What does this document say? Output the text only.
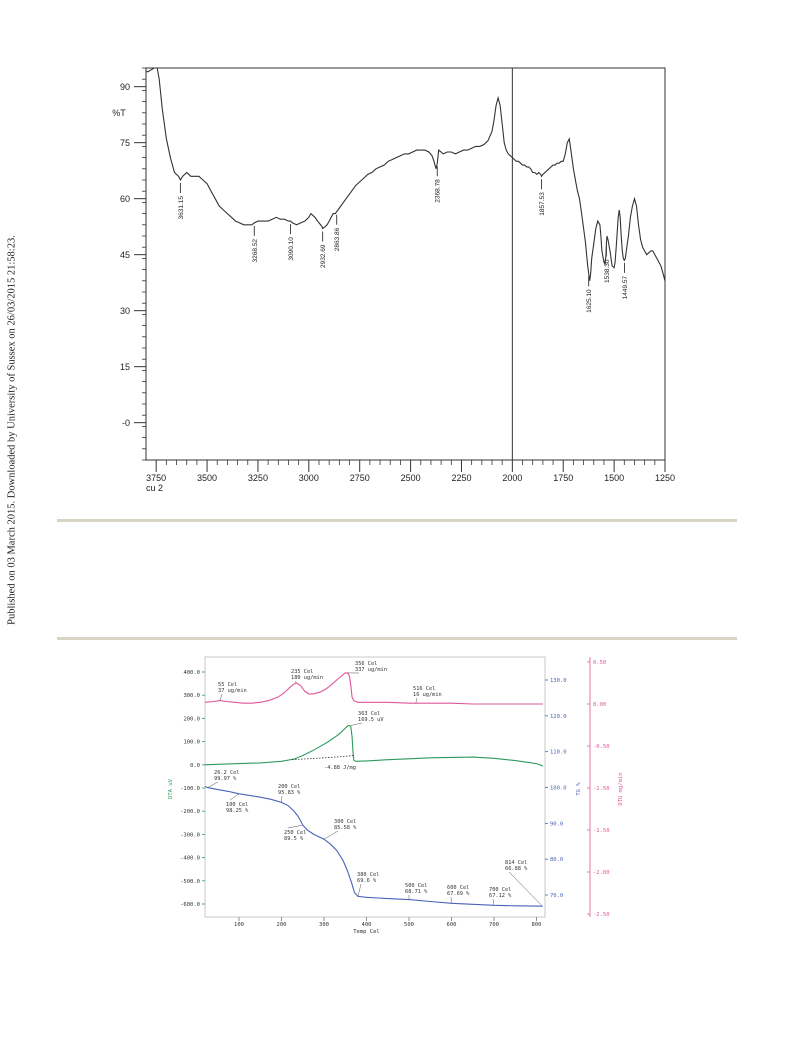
Published on 03 March 2015. Downloaded by University of Sussex on 26/03/2015 21:58:23.
90
75
60
45
30
15
-0
%T
3750	3500	3250	3000	2750	2500	2250	2000	1750	1500	1250
cu 2
3631.15
3268.52	3090.10	2932.69
2863.86
2368.78
1857.53
1625.10
1538.30
1449.57
100	200	300	400	500	600	700	800
Temp Cel
400.0
300.0
200.0
100.0
0.0
-100.0
-200.0
-300.0
-400.0
-500.0
-600.0
DTA uV
130.0
120.0
110.0
100.0
90.0
80.0
70.0
TG %
0.50
0.00
-0.50
-1.50
-1.50
-2.00
-2.50
DTG mg/min
55 Cel
37 ug/min
235 Cel
180 ug/min
356 Cel
337 ug/min
516 Cel
16 ug/min
363 Cel
169.5 uV
-4.88 J/mg
26.2 Cel
99.97 %
100 Cel
98.25 %
200 Cel
95.83 %
250 Cel
89.5 %
300 Cel
85.58 %
380 Cel
69.6 %
500 Cel
68.71 %
600 Cel
67.69 %
700 Cel
67.12 %
814 Cel
66.88 %
